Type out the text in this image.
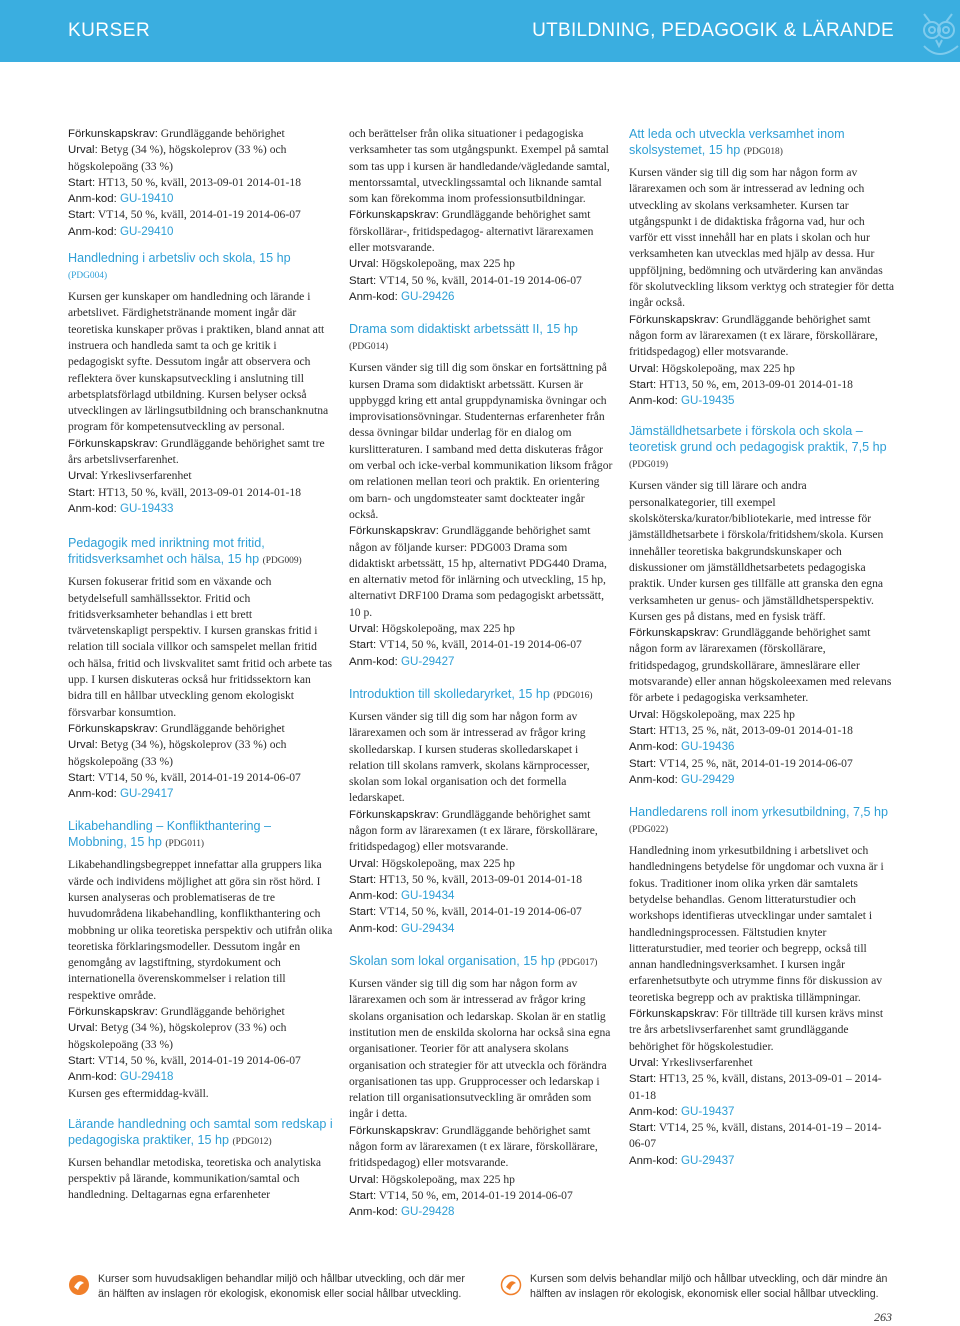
KURSER	UTBILDNING, PEDAGOGIK & LÄRANDE

Förkunskapskrav: Grundläggande behörighet

Urval: Betyg (34 %), högskoleprov (33 %) och högskolepoäng (33 %)

Start: HT13, 50 %, kväll, 2013-09-01 2014-01-18

Anm-kod: GU-19410

Start: VT14, 50 %, kväll, 2014-01-19 2014-06-07

Anm-kod: GU-29410

Handledning i arbetsliv och skola, 15 hp
(PDG004)

Kursen ger kunskaper om handledning och lärande i arbetslivet. Färdighetstränande moment ingår där teoretiska kunskaper prövas i praktiken, bland annat att instruera och handleda samt ta och ge kritik i pedagogiskt syfte. Dessutom ingår att observera och reflektera över kunskapsutveckling i anslutning till arbetsplatsförlagd utbildning. Kursen belyser också utvecklingen av lärlingsutbildning och branschanknutna program för kompetensutveckling av personal.

Förkunskapskrav: Grundläggande behörighet samt tre års arbetslivserfarenhet.

Urval: Yrkeslivserfarenhet

Start: HT13, 50 %, kväll, 2013-09-01 2014-01-18

Anm-kod: GU-19433

Pedagogik med inriktning mot fritid, fritidsverksamhet och hälsa, 15 hp (PDG009)

Kursen fokuserar fritid som en växande och betydelsefull samhällssektor. Fritid och fritidsverksamheter behandlas i ett brett tvärvetenskapligt perspektiv. I kursen granskas fritid i relation till sociala villkor och samspelet mellan fritid och hälsa, fritid och livskvalitet samt fritid och arbete tas upp. I kursen diskuteras också hur fritidssektorn kan bidra till en hållbar utveckling genom ekologiskt försvarbar konsumtion.

Förkunskapskrav: Grundläggande behörighet

Urval: Betyg (34 %), högskoleprov (33 %) och högskolepoäng (33 %)

Start: VT14, 50 %, kväll, 2014-01-19 2014-06-07

Anm-kod: GU-29417

Likabehandling – Konflikthantering – Mobbning, 15 hp (PDG011)

Likabehandlingsbegreppet innefattar alla gruppers lika värde och individens möjlighet att göra sin röst hörd. I kursen analyseras och problematiseras de tre huvudområdena likabehandling, konflikthantering och mobbning ur olika teoretiska perspektiv och utifrån olika teoretiska förklaringsmodeller. Dessutom ingår en genomgång av lagstiftning, styrdokument och internationella överenskommelser i relation till respektive område.

Förkunskapskrav: Grundläggande behörighet

Urval: Betyg (34 %), högskoleprov (33 %) och högskolepoäng (33 %)

Start: VT14, 50 %, kväll, 2014-01-19 2014-06-07

Anm-kod: GU-29418

Kursen ges eftermiddag-kväll.

Lärande handledning och samtal som redskap i pedagogiska praktiker, 15 hp (PDG012)

Kursen behandlar metodiska, teoretiska och analytiska perspektiv på lärande, kommunikation/samtal och handledning. Deltagarnas egna erfarenheter

och berättelser från olika situationer i pedagogiska verksamheter tas som utgångspunkt. Exempel på samtal som tas upp i kursen är handledande/vägledande samtal, mentorssamtal, utvecklingssamtal och liknande samtal som kan förekomma inom professionsutbildningar.

Förkunskapskrav: Grundläggande behörighet samt förskollärar-, fritidspedagog- alternativt lärarexamen eller motsvarande.

Urval: Högskolepoäng, max 225 hp

Start: VT14, 50 %, kväll, 2014-01-19 2014-06-07

Anm-kod: GU-29426

Drama som didaktiskt arbetssätt II, 15 hp
(PDG014)

Kursen vänder sig till dig som önskar en fortsättning på kursen Drama som didaktiskt arbetssätt. Kursen är uppbyggd kring ett antal gruppdynamiska övningar och improvisationsövningar. Studenternas erfarenheter från dessa övningar bildar underlag för en dialog om kurslitteraturen. I samband med detta diskuteras frågor om verbal och icke-verbal kommunikation liksom frågor om relationen mellan teori och praktik. En orientering om barn- och ungdomsteater samt dockteater ingår också.

Förkunskapskrav: Grundläggande behörighet samt någon av följande kurser: PDG003 Drama som didaktiskt arbetssätt, 15 hp, alternativt PDG440 Drama, en alternativ metod för inlärning och utveckling, 15 hp, alternativt DRF100 Drama som pedagogiskt arbetssätt, 10 p.

Urval: Högskolepoäng, max 225 hp

Start: VT14, 50 %, kväll, 2014-01-19 2014-06-07

Anm-kod: GU-29427

Introduktion till skolledaryrket, 15 hp (PDG016)

Kursen vänder sig till dig som har någon form av lärarexamen och som är intresserad av frågor kring skolledarskap. I kursen studeras skolledarskapet i relation till skolans ramverk, skolans kärnprocesser, skolan som lokal organisation och det formella ledarskapet.

Förkunskapskrav: Grundläggande behörighet samt någon form av lärarexamen (t ex lärare, förskollärare, fritidspedagog) eller motsvarande.

Urval: Högskolepoäng, max 225 hp

Start: HT13, 50 %, kväll, 2013-09-01 2014-01-18

Anm-kod: GU-19434

Start: VT14, 50 %, kväll, 2014-01-19 2014-06-07

Anm-kod: GU-29434

Skolan som lokal organisation, 15 hp (PDG017)

Kursen vänder sig till dig som har någon form av lärarexamen och som är intresserad av frågor kring skolans organisation och ledarskap. Skolan är en statlig institution men de enskilda skolorna har också sina egna organisationer. Teorier för att analysera skolans organisation och strategier för att utveckla och förändra organisationen tas upp. Grupprocesser och ledarskap i relation till organisationsutveckling är områden som ingår i detta.

Förkunskapskrav: Grundläggande behörighet samt någon form av lärarexamen (t ex lärare, förskollärare, fritidspedagog) eller motsvarande.

Urval: Högskolepoäng, max 225 hp

Start: VT14, 50 %, em, 2014-01-19 2014-06-07

Anm-kod: GU-29428

Att leda och utveckla verksamhet inom skolsystemet, 15 hp (PDG018)

Kursen vänder sig till dig som har någon form av lärarexamen och som är intresserad av ledning och utveckling av skolans verksamheter. Kursen tar utgångspunkt i de didaktiska frågorna vad, hur och varför ett visst innehåll har en plats i skolan och hur verksamheten kan utvecklas med hjälp av dessa. Hur uppföljning, bedömning och utvärdering kan användas för skolutveckling liksom verktyg och strategier för detta ingår också.

Förkunskapskrav: Grundläggande behörighet samt någon form av lärarexamen (t ex lärare, förskollärare, fritidspedagog) eller motsvarande.

Urval: Högskolepoäng, max 225 hp

Start: HT13, 50 %, em, 2013-09-01 2014-01-18

Anm-kod: GU-19435

Jämställdhetsarbete i förskola och skola – teoretisk grund och pedagogisk praktik, 7,5 hp (PDG019)

Kursen vänder sig till lärare och andra personalkategorier, till exempel skolsköterska/kurator/bibliotekarie, med intresse för jämställdhetsarbete i förskola/fritidshem/skola. Kursen innehåller teoretiska bakgrundskunskaper och diskussioner om jämställdhetsarbetets pedagogiska praktik. Under kursen ges tillfälle att granska den egna verksamheten ur genus- och jämställdhetsperspektiv. Kursen ges på distans, med en fysisk träff.

Förkunskapskrav: Grundläggande behörighet samt någon form av lärarexamen (förskollärare, fritidspedagog, grundskollärare, ämneslärare eller motsvarande) eller annan högskoleexamen med relevans för arbete i pedagogiska verksamheter.

Urval: Högskolepoäng, max 225 hp

Start: HT13, 25 %, nät, 2013-09-01 2014-01-18

Anm-kod: GU-19436

Start: VT14, 25 %, nät, 2014-01-19 2014-06-07

Anm-kod: GU-29429

Handledarens roll inom yrkesutbildning, 7,5 hp (PDG022)

Handledning inom yrkesutbildning i arbetslivet och handledningens betydelse för ungdomar och vuxna är i fokus. Traditioner inom olika yrken där samtalets betydelse behandlas. Genom litteraturstudier och workshops identifieras utvecklingar under samtalet i handledningsprocessen. Fältstudien knyter litteraturstudier, med teorier och begrepp, också till annan handledningsverksamhet. I kursen ingår erfarenhetsutbyte och utrymme finns för diskussion av teoretiska begrepp och av praktiska tillämpningar.

Förkunskapskrav: För tillträde till kursen krävs minst tre års arbetslivserfarenhet samt grundläggande behörighet för högskolestudier.

Urval: Yrkeslivserfarenhet

Start: HT13, 25 %, kväll, distans, 2013-09-01 – 2014-01-18

Anm-kod: GU-19437

Start: VT14, 25 %, kväll, distans, 2014-01-19 – 2014-06-07

Anm-kod: GU-29437

Kurser som huvudsakligen behandlar miljö och hållbar utveckling, och där mer än hälften av inslagen rör ekologisk, ekonomisk eller social hållbar utveckling.
Kursen som delvis behandlar miljö och hållbar utveckling, och där mindre än hälften av inslagen rör ekologisk, ekonomisk eller social hållbar utveckling.
263
